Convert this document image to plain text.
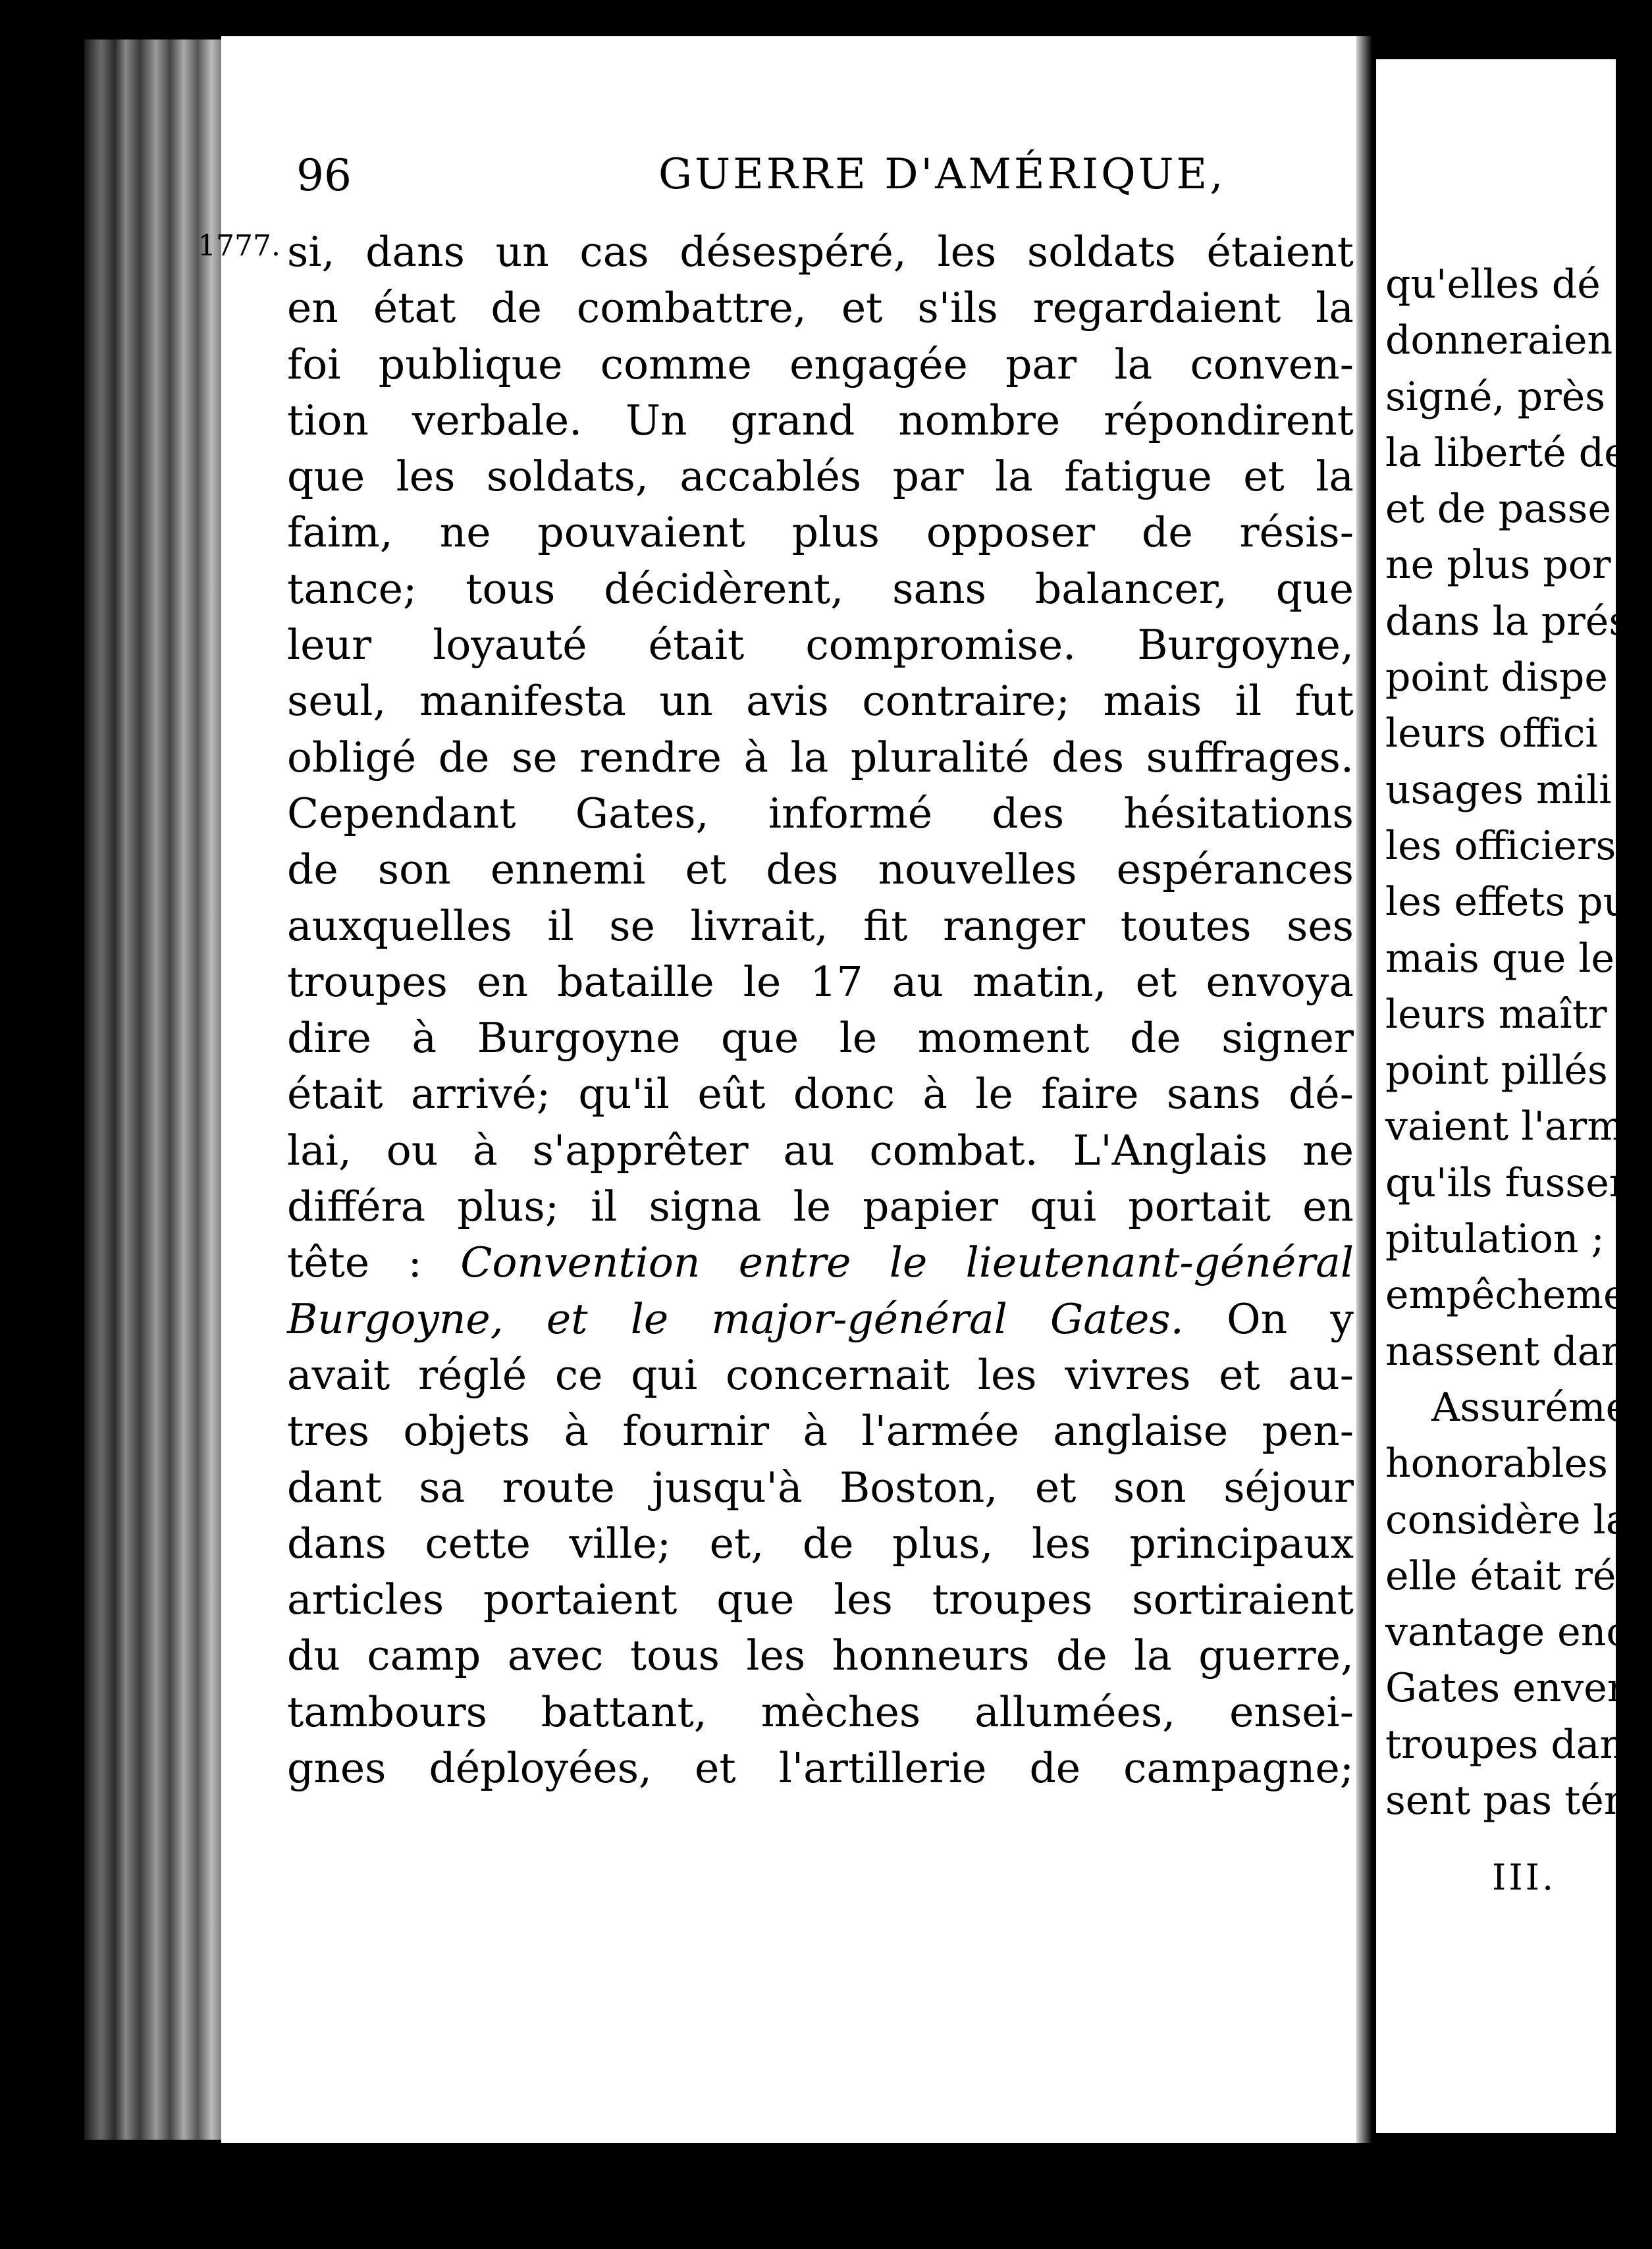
96	GUERRE D'AMÉRIQUE,
1777. si, dans un cas désespéré, les soldats étaient
en état de combattre, et s'ils regardaient la
foi publique comme engagée par la conven-
tion verbale. Un grand nombre répondirent
que les soldats, accablés par la fatigue et la
faim, ne pouvaient plus opposer de résis-
tance; tous décidèrent, sans balancer, que
leur loyauté était compromise. Burgoyne,
seul, manifesta un avis contraire; mais il fut
obligé de se rendre à la pluralité des suffrages.
Cependant Gates, informé des hésitations
de son ennemi et des nouvelles espérances
auxquelles il se livrait, fit ranger toutes ses
troupes en bataille le 17 au matin, et envoya
dire à Burgoyne que le moment de signer
était arrivé; qu'il eût donc à le faire sans dé-
lai, ou à s'apprêter au combat. L'Anglais ne
différa plus; il signa le papier qui portait en
tête : Convention entre le lieutenant-général
Burgoyne, et le major-général Gates. On y
avait réglé ce qui concernait les vivres et au-
tres objets à fournir à l'armée anglaise pen-
dant sa route jusqu'à Boston, et son séjour
dans cette ville; et, de plus, les principaux
articles portaient que les troupes sortiraient
du camp avec tous les honneurs de la guerre,
tambours battant, mèches allumées, ensei-
gnes déployées, et l'artillerie de campagne;
qu'elles dé
donneraien
signé, près
la liberté de
et de passe
ne plus por
dans la prés
point dispe
leurs offici
usages mili
les officiers
les effets pu
mais que le
leurs maîtr
point pillés
vaient l'arm
qu'ils fussen
pitulation ;
empêchemen
nassent dans
Assuréme
honorables p
considère la
elle était réd
vantage enco
Gates enver
troupes dans
sent pas tém
III.
